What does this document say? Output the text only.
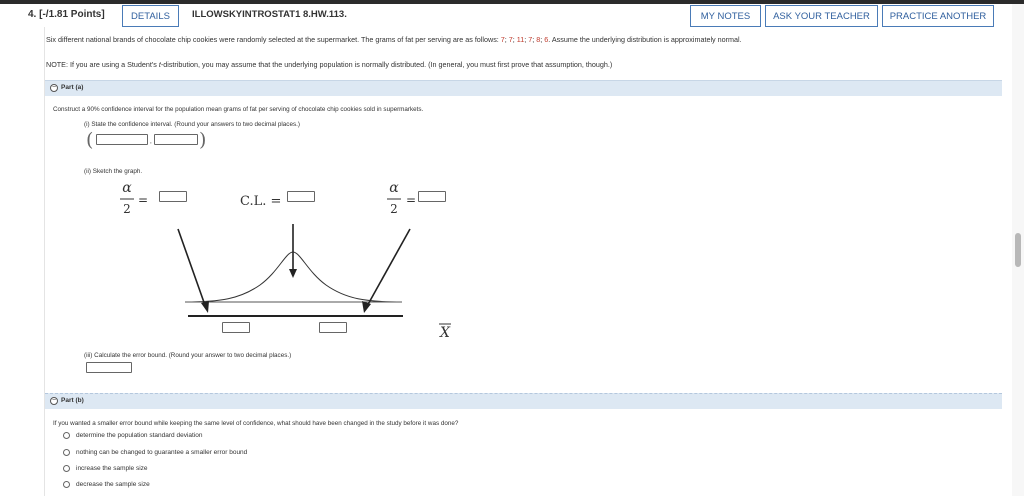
4. [-/1.81 Points]	DETAILS	ILLOWSKYINTROSTAT1 8.HW.113.	MY NOTES	ASK YOUR TEACHER	PRACTICE ANOTHER
Six different national brands of chocolate chip cookies were randomly selected at the supermarket. The grams of fat per serving are as follows: 7; 7; 11; 7; 8; 6. Assume the underlying distribution is approximately normal.
NOTE: If you are using a Student's t-distribution, you may assume that the underlying population is normally distributed. (In general, you must first prove that assumption, though.)
− Part (a)
Construct a 90% confidence interval for the population mean grams of fat per serving of chocolate chip cookies sold in supermarkets.
(i) State the confidence interval. (Round your answers to two decimal places.)
(	, )
(ii) Sketch the graph.
α
2
=	C.L. =
α
2
=
X
(iii) Calculate the error bound. (Round your answer to two decimal places.)
− Part (b)
If you wanted a smaller error bound while keeping the same level of confidence, what should have been changed in the study before it was done?
determine the population standard deviation
nothing can be changed to guarantee a smaller error bound
increase the sample size
decrease the sample size
